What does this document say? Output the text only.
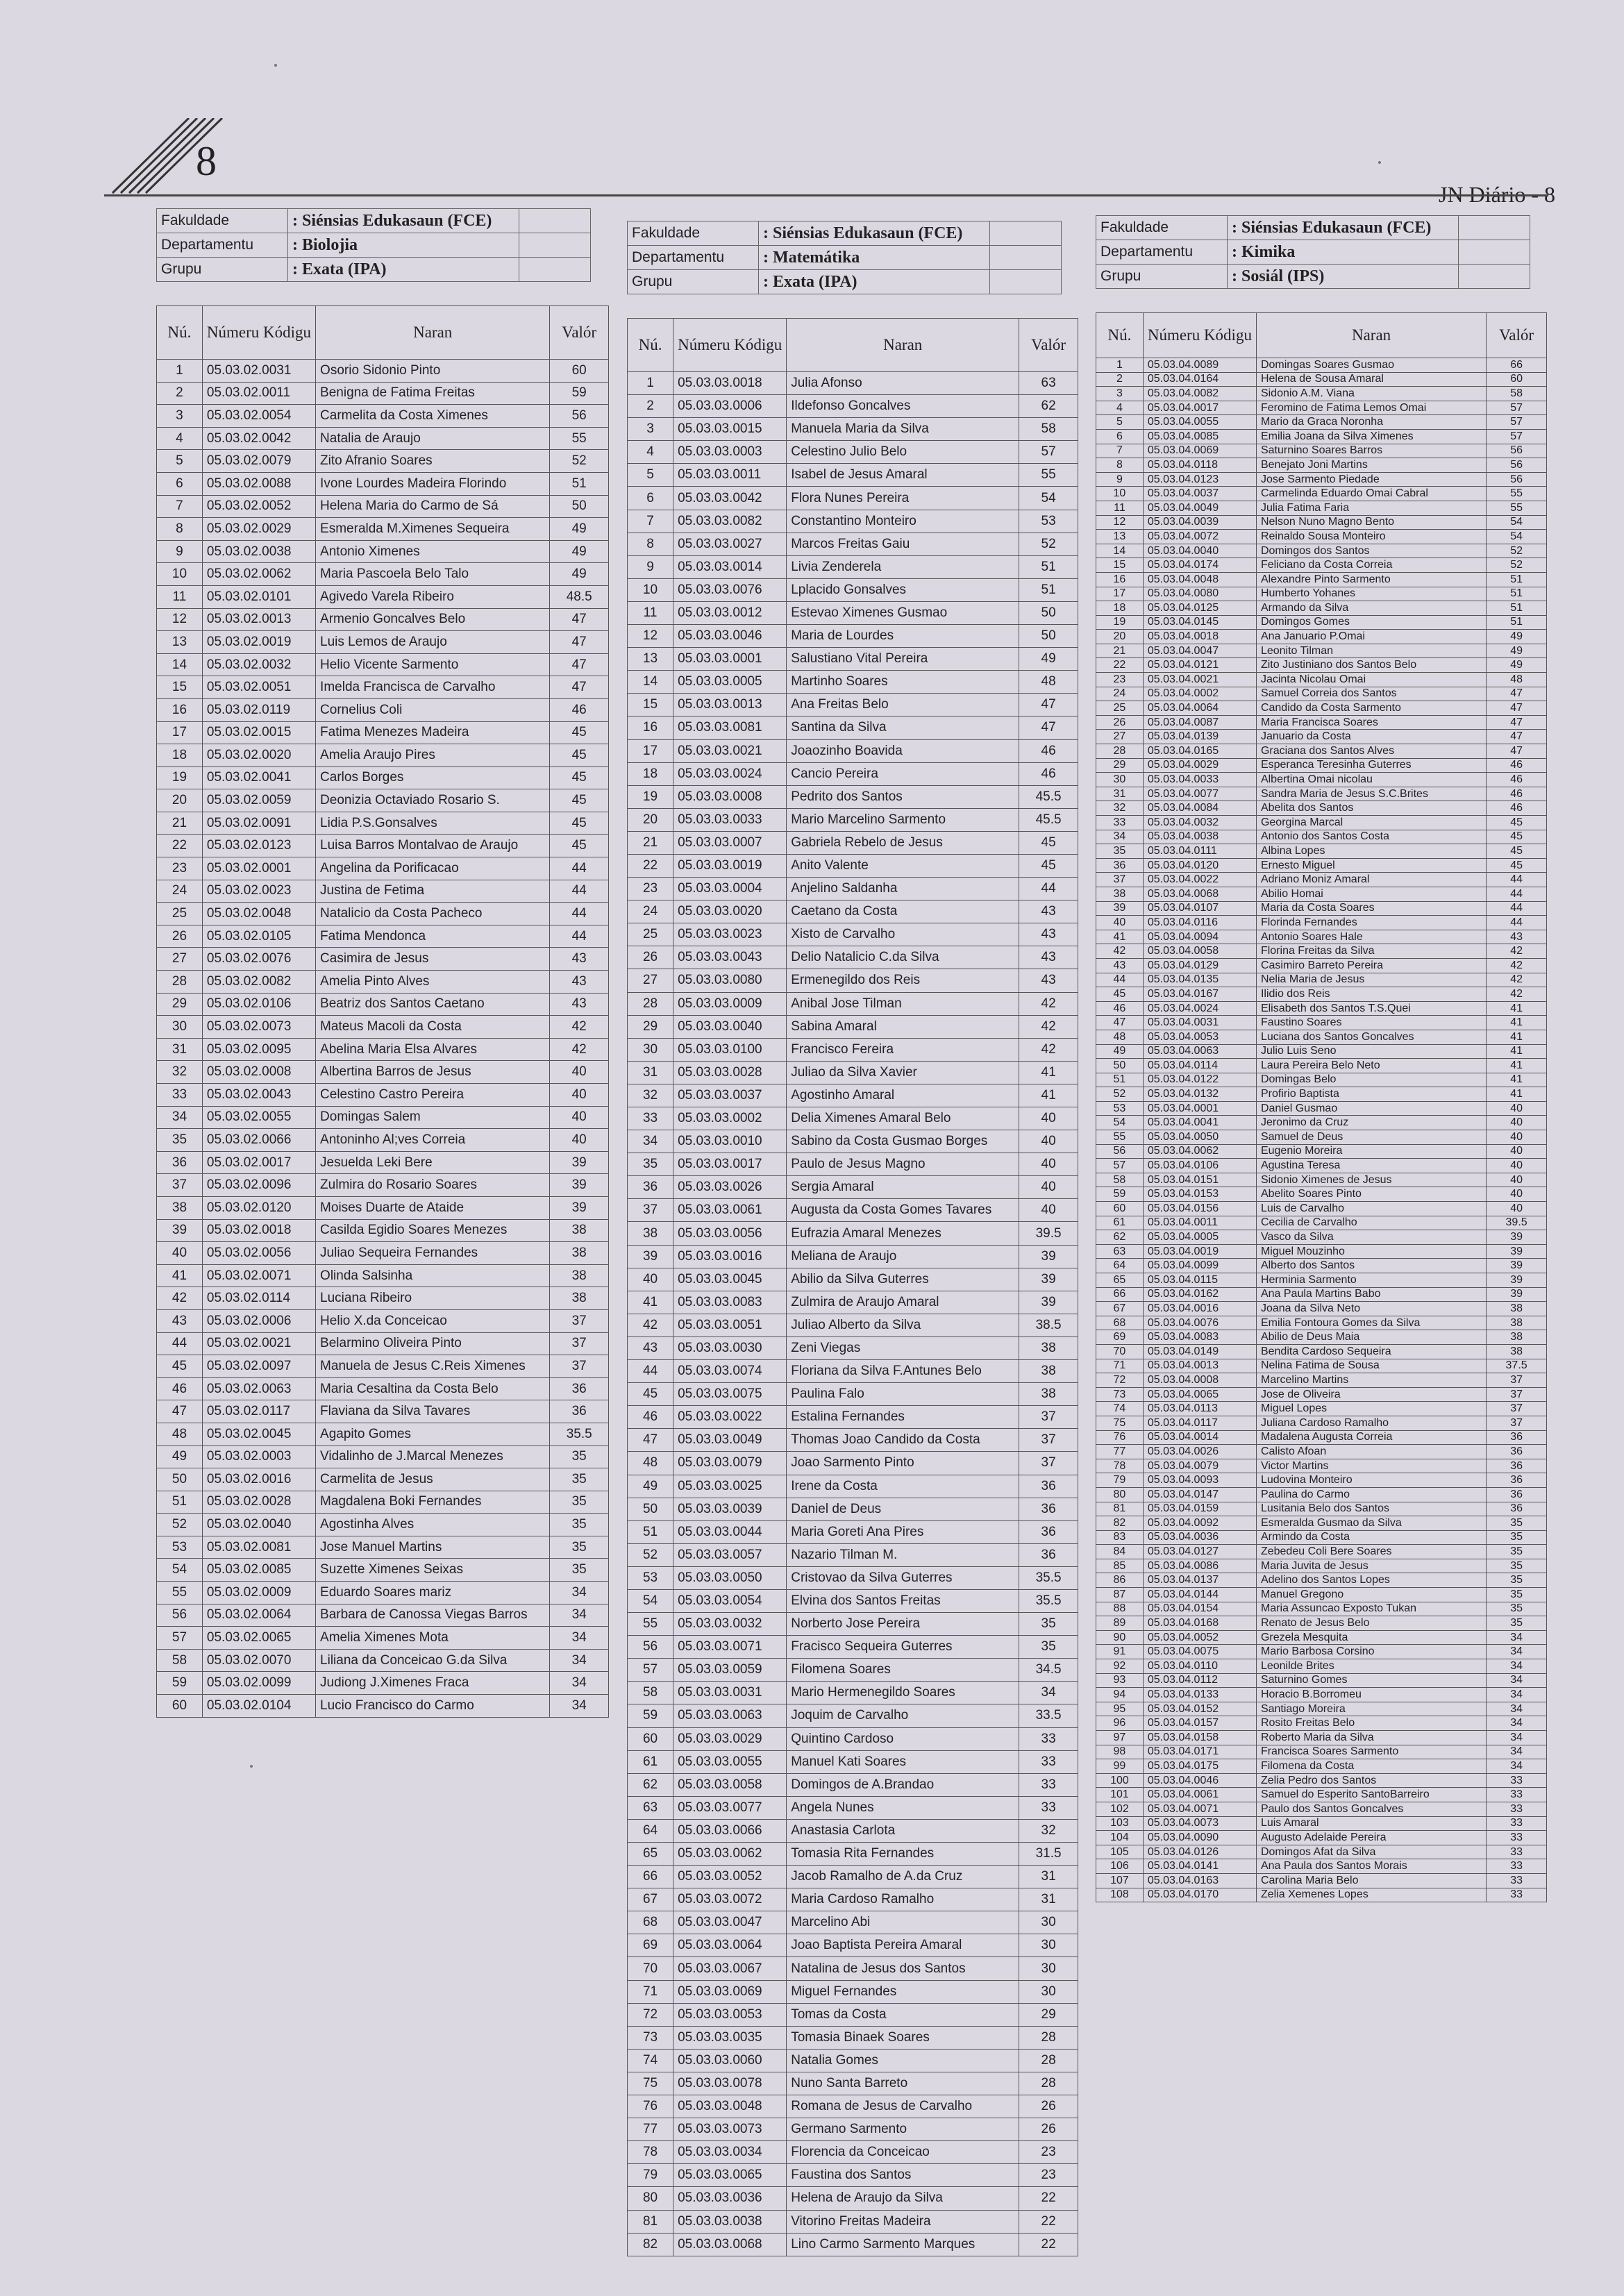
8
JN Diário - 8
Fakuldade	: Siénsias Edukasaun (FCE)	
Departamentu	: Biolojia	
Grupu	: Exata (IPA)	
Nú.	Númeru Kódigu	Naran	Valór
1	05.03.02.0031	Osorio Sidonio Pinto	60
2	05.03.02.0011	Benigna de Fatima Freitas	59
3	05.03.02.0054	Carmelita da Costa Ximenes	56
4	05.03.02.0042	Natalia de Araujo	55
5	05.03.02.0079	Zito Afranio Soares	52
6	05.03.02.0088	Ivone Lourdes Madeira Florindo	51
7	05.03.02.0052	Helena Maria do Carmo de Sá	50
8	05.03.02.0029	Esmeralda M.Ximenes Sequeira	49
9	05.03.02.0038	Antonio Ximenes	49
10	05.03.02.0062	Maria Pascoela Belo Talo	49
11	05.03.02.0101	Agivedo Varela Ribeiro	48.5
12	05.03.02.0013	Armenio Goncalves Belo	47
13	05.03.02.0019	Luis Lemos de Araujo	47
14	05.03.02.0032	Helio Vicente Sarmento	47
15	05.03.02.0051	Imelda Francisca de Carvalho	47
16	05.03.02.0119	Cornelius Coli	46
17	05.03.02.0015	Fatima Menezes Madeira	45
18	05.03.02.0020	Amelia Araujo Pires	45
19	05.03.02.0041	Carlos Borges	45
20	05.03.02.0059	Deonizia Octaviado Rosario S.	45
21	05.03.02.0091	Lidia P.S.Gonsalves	45
22	05.03.02.0123	Luisa Barros Montalvao de Araujo	45
23	05.03.02.0001	Angelina da Porificacao	44
24	05.03.02.0023	Justina de Fetima	44
25	05.03.02.0048	Natalicio da Costa Pacheco	44
26	05.03.02.0105	Fatima Mendonca	44
27	05.03.02.0076	Casimira de Jesus	43
28	05.03.02.0082	Amelia Pinto Alves	43
29	05.03.02.0106	Beatriz dos Santos Caetano	43
30	05.03.02.0073	Mateus Macoli da Costa	42
31	05.03.02.0095	Abelina Maria Elsa Alvares	42
32	05.03.02.0008	Albertina Barros de Jesus	40
33	05.03.02.0043	Celestino Castro Pereira	40
34	05.03.02.0055	Domingas Salem	40
35	05.03.02.0066	Antoninho Al;ves Correia	40
36	05.03.02.0017	Jesuelda Leki Bere	39
37	05.03.02.0096	Zulmira do Rosario Soares	39
38	05.03.02.0120	Moises Duarte de Ataide	39
39	05.03.02.0018	Casilda Egidio Soares Menezes	38
40	05.03.02.0056	Juliao Sequeira Fernandes	38
41	05.03.02.0071	Olinda Salsinha	38
42	05.03.02.0114	Luciana Ribeiro	38
43	05.03.02.0006	Helio X.da Conceicao	37
44	05.03.02.0021	Belarmino Oliveira Pinto	37
45	05.03.02.0097	Manuela de Jesus C.Reis Ximenes	37
46	05.03.02.0063	Maria Cesaltina da Costa Belo	36
47	05.03.02.0117	Flaviana da Silva Tavares	36
48	05.03.02.0045	Agapito Gomes	35.5
49	05.03.02.0003	Vidalinho de J.Marcal Menezes	35
50	05.03.02.0016	Carmelita de Jesus	35
51	05.03.02.0028	Magdalena Boki Fernandes	35
52	05.03.02.0040	Agostinha Alves	35
53	05.03.02.0081	Jose Manuel Martins	35
54	05.03.02.0085	Suzette Ximenes Seixas	35
55	05.03.02.0009	Eduardo Soares mariz	34
56	05.03.02.0064	Barbara de Canossa Viegas Barros	34
57	05.03.02.0065	Amelia Ximenes Mota	34
58	05.03.02.0070	Liliana da Conceicao G.da Silva	34
59	05.03.02.0099	Judiong J.Ximenes Fraca	34
60	05.03.02.0104	Lucio Francisco do Carmo	34
Fakuldade	: Siénsias Edukasaun (FCE)	
Departamentu	: Matemátika	
Grupu	: Exata (IPA)	
Nú.	Númeru Kódigu	Naran	Valór
1	05.03.03.0018	Julia Afonso	63
2	05.03.03.0006	Ildefonso Goncalves	62
3	05.03.03.0015	Manuela Maria da Silva	58
4	05.03.03.0003	Celestino Julio Belo	57
5	05.03.03.0011	Isabel de Jesus Amaral	55
6	05.03.03.0042	Flora Nunes Pereira	54
7	05.03.03.0082	Constantino Monteiro	53
8	05.03.03.0027	Marcos Freitas Gaiu	52
9	05.03.03.0014	Livia Zenderela	51
10	05.03.03.0076	Lplacido Gonsalves	51
11	05.03.03.0012	Estevao Ximenes Gusmao	50
12	05.03.03.0046	Maria de Lourdes	50
13	05.03.03.0001	Salustiano Vital Pereira	49
14	05.03.03.0005	Martinho Soares	48
15	05.03.03.0013	Ana Freitas Belo	47
16	05.03.03.0081	Santina da Silva	47
17	05.03.03.0021	Joaozinho Boavida	46
18	05.03.03.0024	Cancio Pereira	46
19	05.03.03.0008	Pedrito dos Santos	45.5
20	05.03.03.0033	Mario Marcelino Sarmento	45.5
21	05.03.03.0007	Gabriela Rebelo de Jesus	45
22	05.03.03.0019	Anito Valente	45
23	05.03.03.0004	Anjelino Saldanha	44
24	05.03.03.0020	Caetano da Costa	43
25	05.03.03.0023	Xisto de Carvalho	43
26	05.03.03.0043	Delio Natalicio C.da Silva	43
27	05.03.03.0080	Ermenegildo dos Reis	43
28	05.03.03.0009	Anibal Jose Tilman	42
29	05.03.03.0040	Sabina Amaral	42
30	05.03.03.0100	Francisco Fereira	42
31	05.03.03.0028	Juliao da Silva Xavier	41
32	05.03.03.0037	Agostinho Amaral	41
33	05.03.03.0002	Delia Ximenes Amaral Belo	40
34	05.03.03.0010	Sabino da Costa Gusmao Borges	40
35	05.03.03.0017	Paulo de Jesus Magno	40
36	05.03.03.0026	Sergia Amaral	40
37	05.03.03.0061	Augusta da Costa Gomes Tavares	40
38	05.03.03.0056	Eufrazia Amaral Menezes	39.5
39	05.03.03.0016	Meliana de Araujo	39
40	05.03.03.0045	Abilio da Silva Guterres	39
41	05.03.03.0083	Zulmira de Araujo Amaral	39
42	05.03.03.0051	Juliao Alberto da Silva	38.5
43	05.03.03.0030	Zeni Viegas	38
44	05.03.03.0074	Floriana da Silva F.Antunes Belo	38
45	05.03.03.0075	Paulina Falo	38
46	05.03.03.0022	Estalina Fernandes	37
47	05.03.03.0049	Thomas Joao Candido da Costa	37
48	05.03.03.0079	Joao Sarmento Pinto	37
49	05.03.03.0025	Irene da Costa	36
50	05.03.03.0039	Daniel de Deus	36
51	05.03.03.0044	Maria Goreti Ana Pires	36
52	05.03.03.0057	Nazario Tilman M.	36
53	05.03.03.0050	Cristovao da Silva Guterres	35.5
54	05.03.03.0054	Elvina dos Santos Freitas	35.5
55	05.03.03.0032	Norberto Jose Pereira	35
56	05.03.03.0071	Fracisco Sequeira Guterres	35
57	05.03.03.0059	Filomena Soares	34.5
58	05.03.03.0031	Mario Hermenegildo Soares	34
59	05.03.03.0063	Joquim de Carvalho	33.5
60	05.03.03.0029	Quintino Cardoso	33
61	05.03.03.0055	Manuel Kati Soares	33
62	05.03.03.0058	Domingos de A.Brandao	33
63	05.03.03.0077	Angela Nunes	33
64	05.03.03.0066	Anastasia Carlota	32
65	05.03.03.0062	Tomasia Rita Fernandes	31.5
66	05.03.03.0052	Jacob Ramalho de A.da Cruz	31
67	05.03.03.0072	Maria Cardoso Ramalho	31
68	05.03.03.0047	Marcelino Abi	30
69	05.03.03.0064	Joao Baptista Pereira Amaral	30
70	05.03.03.0067	Natalina de Jesus dos Santos	30
71	05.03.03.0069	Miguel Fernandes	30
72	05.03.03.0053	Tomas da Costa	29
73	05.03.03.0035	Tomasia Binaek Soares	28
74	05.03.03.0060	Natalia Gomes	28
75	05.03.03.0078	Nuno Santa Barreto	28
76	05.03.03.0048	Romana de Jesus de Carvalho	26
77	05.03.03.0073	Germano Sarmento	26
78	05.03.03.0034	Florencia da Conceicao	23
79	05.03.03.0065	Faustina dos Santos	23
80	05.03.03.0036	Helena de Araujo da Silva	22
81	05.03.03.0038	Vitorino Freitas Madeira	22
82	05.03.03.0068	Lino Carmo Sarmento Marques	22
Fakuldade	: Siénsias Edukasaun (FCE)	
Departamentu	: Kimika	
Grupu	: Sosiál (IPS)	
Nú.	Númeru Kódigu	Naran	Valór
1	05.03.04.0089	Domingas Soares Gusmao	66
2	05.03.04.0164	Helena de Sousa Amaral	60
3	05.03.04.0082	Sidonio A.M. Viana	58
4	05.03.04.0017	Feromino de Fatima Lemos Omai	57
5	05.03.04.0055	Mario da Graca Noronha	57
6	05.03.04.0085	Emilia Joana da Silva Ximenes	57
7	05.03.04.0069	Saturnino Soares Barros	56
8	05.03.04.0118	Benejato Joni Martins	56
9	05.03.04.0123	Jose Sarmento Piedade	56
10	05.03.04.0037	Carmelinda Eduardo Omai Cabral	55
11	05.03.04.0049	Julia Fatima Faria	55
12	05.03.04.0039	Nelson Nuno Magno Bento	54
13	05.03.04.0072	Reinaldo Sousa Monteiro	54
14	05.03.04.0040	Domingos dos Santos	52
15	05.03.04.0174	Feliciano da Costa Correia	52
16	05.03.04.0048	Alexandre Pinto Sarmento	51
17	05.03.04.0080	Humberto Yohanes	51
18	05.03.04.0125	Armando da Silva	51
19	05.03.04.0145	Domingos Gomes	51
20	05.03.04.0018	Ana Januario P.Omai	49
21	05.03.04.0047	Leonito Tilman	49
22	05.03.04.0121	Zito Justiniano dos Santos Belo	49
23	05.03.04.0021	Jacinta Nicolau Omai	48
24	05.03.04.0002	Samuel Correia dos Santos	47
25	05.03.04.0064	Candido da Costa Sarmento	47
26	05.03.04.0087	Maria Francisca Soares	47
27	05.03.04.0139	Januario da Costa	47
28	05.03.04.0165	Graciana dos Santos Alves	47
29	05.03.04.0029	Esperanca Teresinha Guterres	46
30	05.03.04.0033	Albertina Omai nicolau	46
31	05.03.04.0077	Sandra Maria de Jesus S.C.Brites	46
32	05.03.04.0084	Abelita dos Santos	46
33	05.03.04.0032	Georgina Marcal	45
34	05.03.04.0038	Antonio dos Santos Costa	45
35	05.03.04.0111	Albina Lopes	45
36	05.03.04.0120	Ernesto Miguel	45
37	05.03.04.0022	Adriano Moniz Amaral	44
38	05.03.04.0068	Abilio Homai	44
39	05.03.04.0107	Maria da Costa Soares	44
40	05.03.04.0116	Florinda Fernandes	44
41	05.03.04.0094	Antonio Soares Hale	43
42	05.03.04.0058	Florina Freitas da Silva	42
43	05.03.04.0129	Casimiro Barreto Pereira	42
44	05.03.04.0135	Nelia Maria de Jesus	42
45	05.03.04.0167	Ilidio dos Reis	42
46	05.03.04.0024	Elisabeth dos Santos T.S.Quei	41
47	05.03.04.0031	Faustino Soares	41
48	05.03.04.0053	Luciana dos Santos Goncalves	41
49	05.03.04.0063	Julio Luis Seno	41
50	05.03.04.0114	Laura Pereira Belo Neto	41
51	05.03.04.0122	Domingas Belo	41
52	05.03.04.0132	Profirio Baptista	41
53	05.03.04.0001	Daniel Gusmao	40
54	05.03.04.0041	Jeronimo da Cruz	40
55	05.03.04.0050	Samuel de Deus	40
56	05.03.04.0062	Eugenio Moreira	40
57	05.03.04.0106	Agustina Teresa	40
58	05.03.04.0151	Sidonio Ximenes de Jesus	40
59	05.03.04.0153	Abelito Soares Pinto	40
60	05.03.04.0156	Luis de Carvalho	40
61	05.03.04.0011	Cecilia de Carvalho	39.5
62	05.03.04.0005	Vasco da Silva	39
63	05.03.04.0019	Miguel Mouzinho	39
64	05.03.04.0099	Alberto dos Santos	39
65	05.03.04.0115	Herminia Sarmento	39
66	05.03.04.0162	Ana Paula Martins Babo	39
67	05.03.04.0016	Joana da Silva Neto	38
68	05.03.04.0076	Emilia Fontoura Gomes da Silva	38
69	05.03.04.0083	Abilio de Deus Maia	38
70	05.03.04.0149	Bendita Cardoso Sequeira	38
71	05.03.04.0013	Nelina Fatima de Sousa	37.5
72	05.03.04.0008	Marcelino Martins	37
73	05.03.04.0065	Jose de Oliveira	37
74	05.03.04.0113	Miguel Lopes	37
75	05.03.04.0117	Juliana Cardoso Ramalho	37
76	05.03.04.0014	Madalena Augusta Correia	36
77	05.03.04.0026	Calisto Afoan	36
78	05.03.04.0079	Victor Martins	36
79	05.03.04.0093	Ludovina Monteiro	36
80	05.03.04.0147	Paulina do Carmo	36
81	05.03.04.0159	Lusitania Belo dos Santos	36
82	05.03.04.0092	Esmeralda Gusmao da Silva	35
83	05.03.04.0036	Armindo da Costa	35
84	05.03.04.0127	Zebedeu Coli Bere Soares	35
85	05.03.04.0086	Maria Juvita de Jesus	35
86	05.03.04.0137	Adelino dos Santos Lopes	35
87	05.03.04.0144	Manuel Gregono	35
88	05.03.04.0154	Maria Assuncao Exposto Tukan	35
89	05.03.04.0168	Renato de Jesus Belo	35
90	05.03.04.0052	Grezela Mesquita	34
91	05.03.04.0075	Mario Barbosa Corsino	34
92	05.03.04.0110	Leonilde Brites	34
93	05.03.04.0112	Saturnino Gomes	34
94	05.03.04.0133	Horacio B.Borromeu	34
95	05.03.04.0152	Santiago Moreira	34
96	05.03.04.0157	Rosito Freitas Belo	34
97	05.03.04.0158	Roberto Maria da Silva	34
98	05.03.04.0171	Francisca Soares Sarmento	34
99	05.03.04.0175	Filomena da Costa	34
100	05.03.04.0046	Zelia Pedro dos Santos	33
101	05.03.04.0061	Samuel do Esperito SantoBarreiro	33
102	05.03.04.0071	Paulo dos Santos Goncalves	33
103	05.03.04.0073	Luis Amaral	33
104	05.03.04.0090	Augusto Adelaide Pereira	33
105	05.03.04.0126	Domingos Afat da Silva	33
106	05.03.04.0141	Ana Paula dos Santos Morais	33
107	05.03.04.0163	Carolina Maria Belo	33
108	05.03.04.0170	Zelia Xemenes Lopes	33
